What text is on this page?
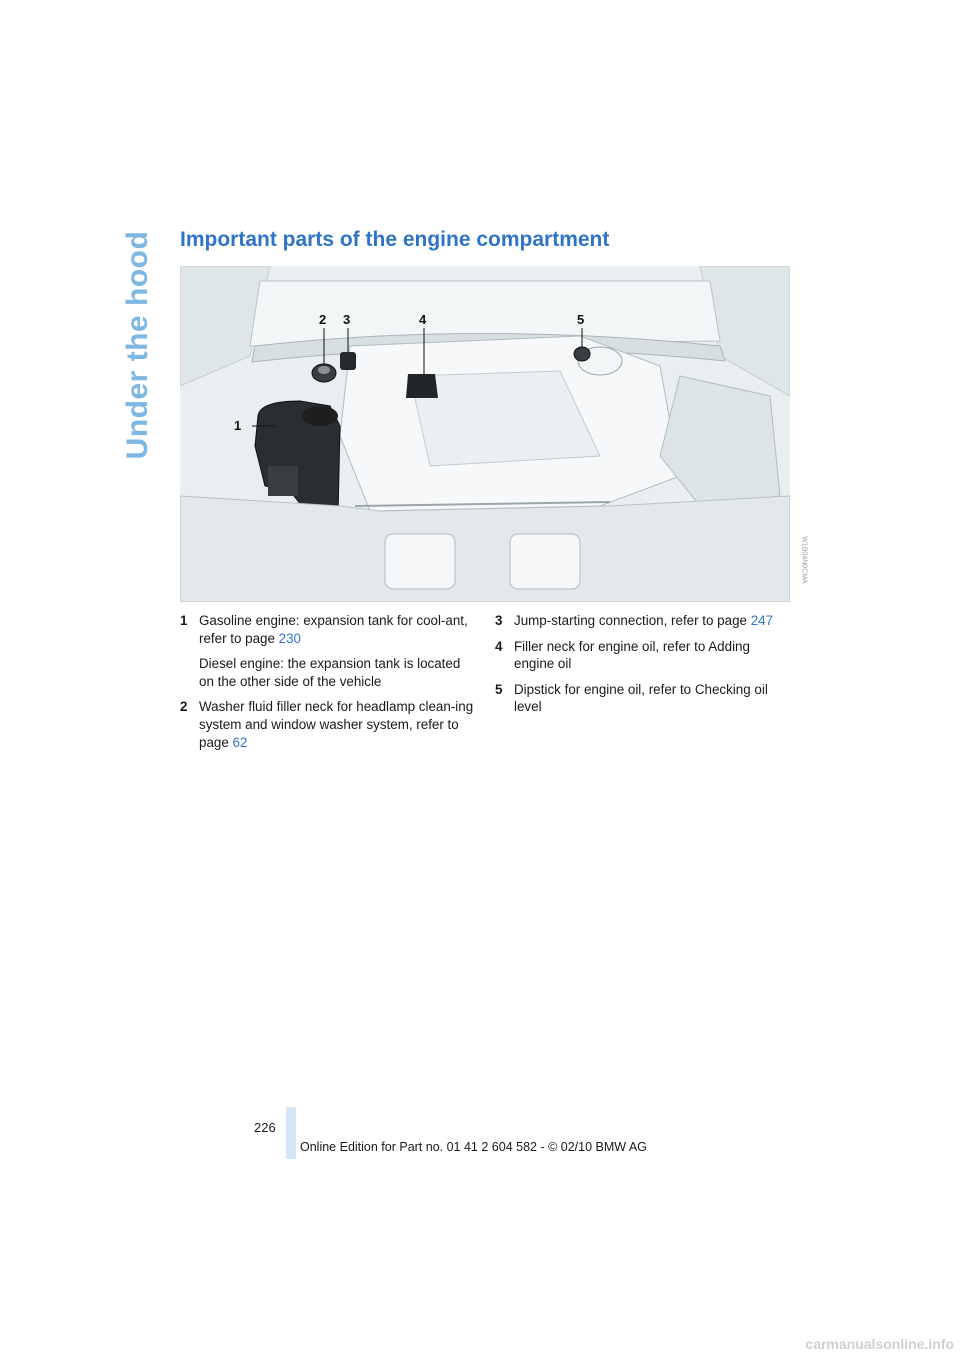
Under the hood Important parts of the engine compartment
1
2 3	4	5
W1B04N0CMA
1 Gasoline engine: expansion tank for cool-ant, refer to page 230

Diesel engine: the expansion tank is located on the other side of the vehicle

2 Washer fluid filler neck for headlamp clean-ing system and window washer system, refer to page 62

3 Jump-starting connection, refer to page 247

4 Filler neck for engine oil, refer to Adding engine oil

5 Dipstick for engine oil, refer to Checking oil level

226
Online Edition for Part no. 01 41 2 604 582 - © 02/10 BMW AG
carmanualsonline.info
